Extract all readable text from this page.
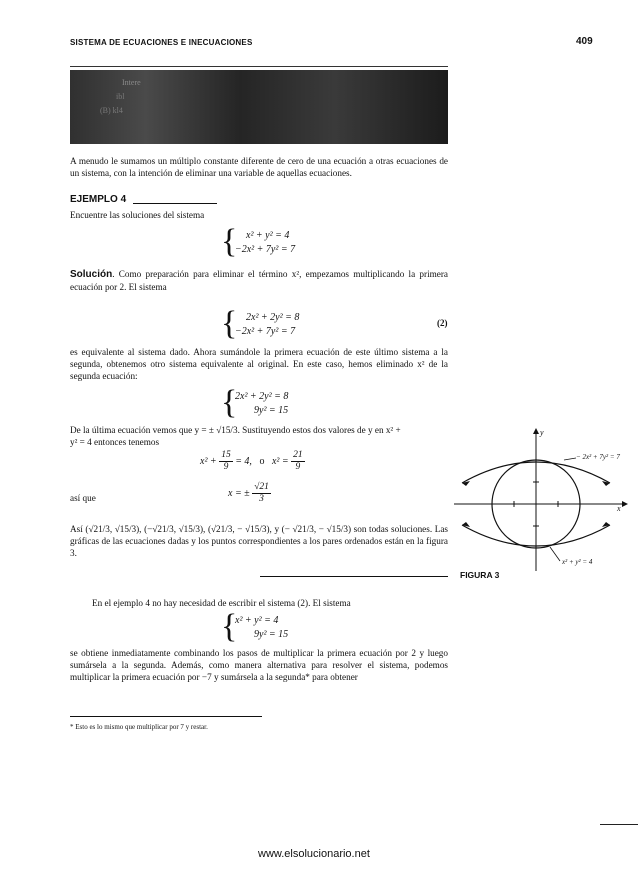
SISTEMA DE ECUACIONES E INECUACIONES	409
Intere
ibl
(B) kl4
A menudo le sumamos un múltiplo constante diferente de cero de una ecuación a otras ecuaciones de un sistema, con la intención de eliminar una variable de aquellas ecuaciones.
EJEMPLO 4
Encuentre las soluciones del sistema
{ x² + y² = 4
−2x² + 7y² = 7
Solución. Como preparación para eliminar el término x², empezamos multiplicando la primera ecuación por 2. El sistema
{ 2x² + 2y² = 8
−2x² + 7y² = 7
(2)
es equivalente al sistema dado. Ahora sumándole la primera ecuación de este último sistema a la segunda, obtenemos otro sistema equivalente al original. En este caso, hemos eliminado x² de la segunda ecuación:
{
2x² + 2y² = 8
9y² = 15
De la última ecuación vemos que y = ± √15/3. Sustituyendo estos dos valores de y en x² +
y² = 4 entonces tenemos
$x^2 + \frac{15}{9} = 4$, o $x^2 = \frac{21}{9}$
así que	x = ± $\frac{√21}{3}$
Así (√21/3, √15/3), (−√21/3, √15/3), (√21/3, − √15/3), y (− √21/3, − √15/3) son todas soluciones. Las gráficas de las ecuaciones dadas y los puntos correspondientes a los pares ordenados están en la figura 3.
y
x
− 2x² + 7y² = 7
x² + y² = 4
FIGURA 3
En el ejemplo 4 no hay necesidad de escribir el sistema (2). El sistema
{
x² + y² = 4
9y² = 15
se obtiene inmediatamente combinando los pasos de multiplicar la primera ecuación por 2 y luego sumársela a la segunda. Además, como manera alternativa para resolver el sistema, podemos multiplicar la primera ecuación por −7 y sumársela a la segunda* para obtener
* Esto es lo mismo que multiplicar por 7 y restar.
www.elsolucionario.net
